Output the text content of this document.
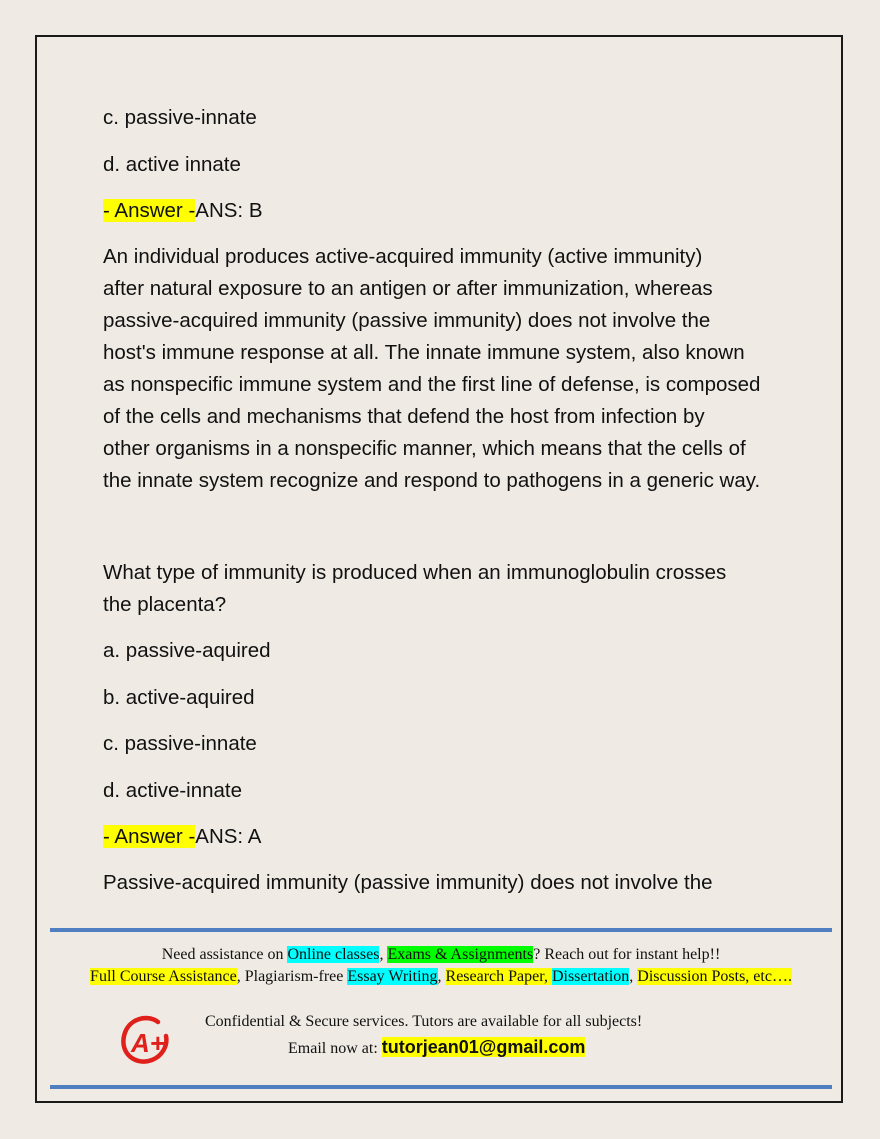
c. passive-innate

d. active innate

- Answer -ANS: B

An individual produces active-acquired immunity (active immunity)

after natural exposure to an antigen or after immunization, whereas

passive-acquired immunity (passive immunity) does not involve the

host's immune response at all. The innate immune system, also known

as nonspecific immune system and the first line of defense, is composed

of the cells and mechanisms that defend the host from infection by

other organisms in a nonspecific manner, which means that the cells of

the innate system recognize and respond to pathogens in a generic way.

What type of immunity is produced when an immunoglobulin crosses

the placenta?

a. passive-aquired

b. active-aquired

c. passive-innate

d. active-innate

- Answer -ANS: A

Passive-acquired immunity (passive immunity) does not involve the

Need assistance on Online classes, Exams & Assignments? Reach out for instant help!!

Full Course Assistance, Plagiarism-free Essay Writing, Research Paper, Dissertation, Discussion Posts, etc….

A+
Confidential & Secure services. Tutors are available for all subjects!
Email now at: tutorjean01@gmail.com
